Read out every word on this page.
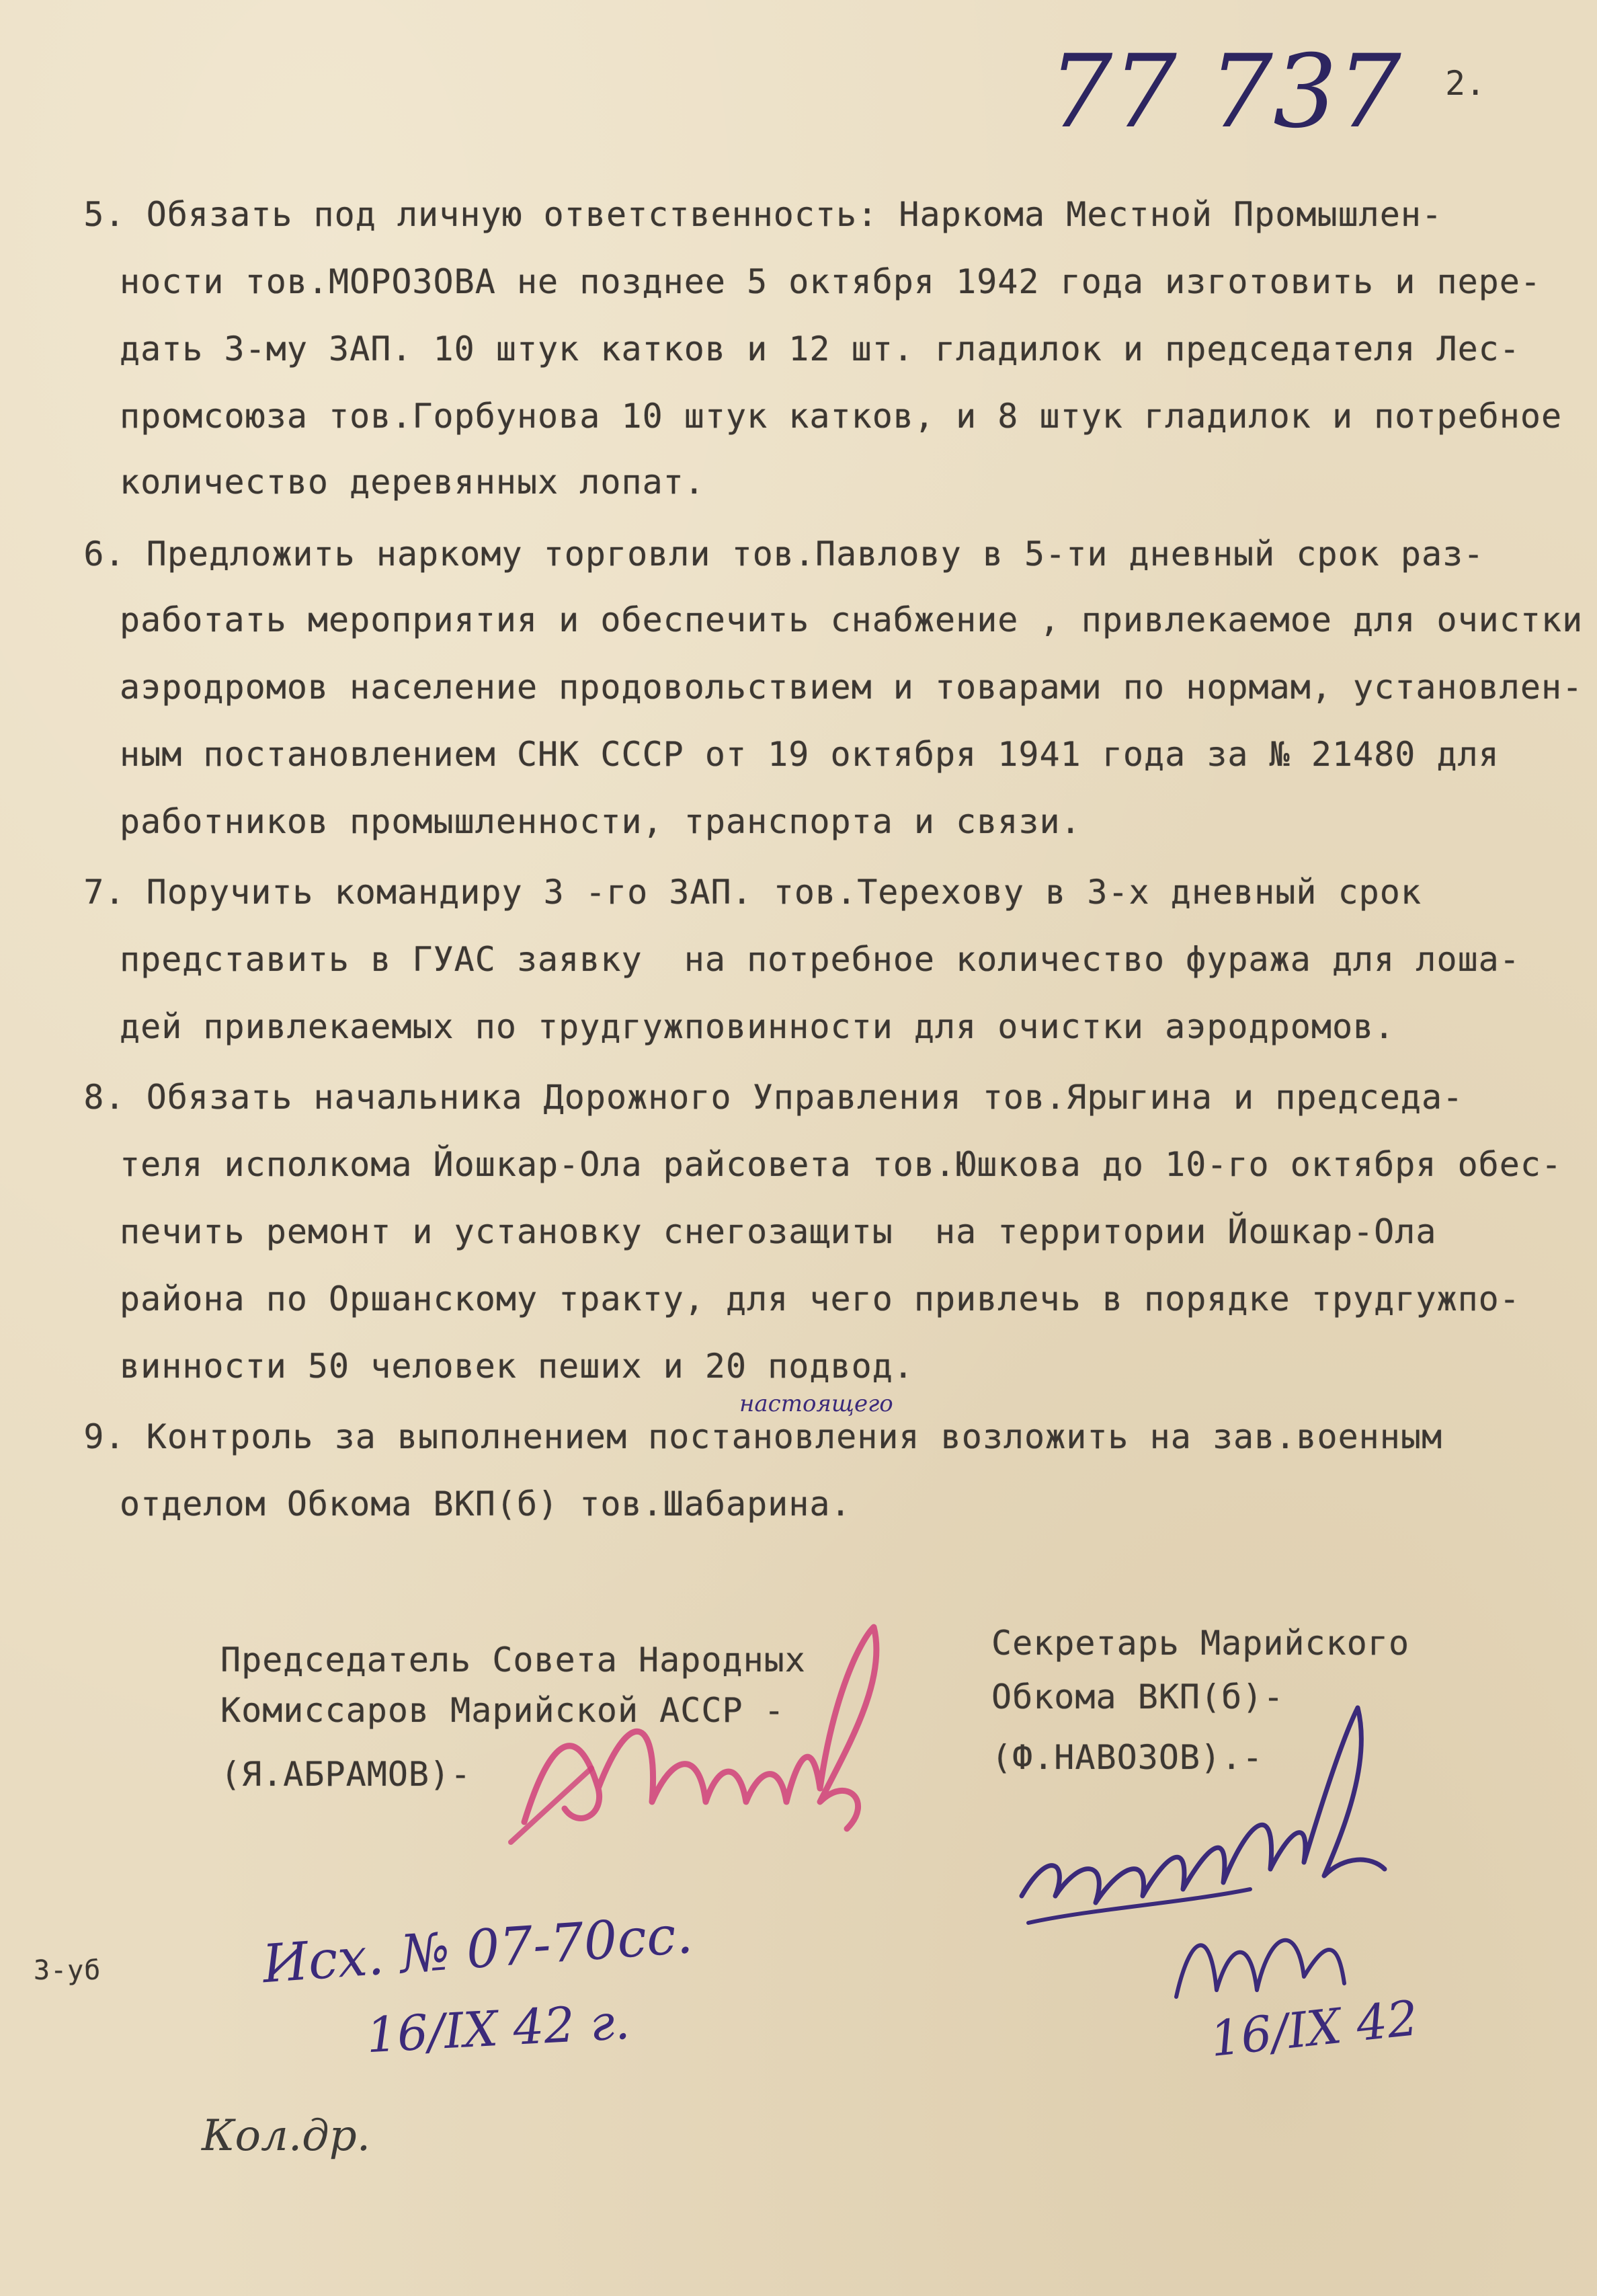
77 737 2.
5. Обязать под личную ответственность: Наркома Местной Промышлен-
ности тов.МОРОЗОВА не позднее 5 октября 1942 года изготовить и пере-
дать 3-му ЗАП. 10 штук катков и 12 шт. гладилок и председателя Лес-
промсоюза тов.Горбунова 10 штук катков, и 8 штук гладилок и потребное
количество деревянных лопат.
6. Предложить наркому торговли тов.Павлову в 5-ти дневный срок раз-
работать мероприятия и обеспечить снабжение , привлекаемое для очистки
аэродромов население продовольствием и товарами по нормам, установлен-
ным постановлением СНК СССР от 19 октября 1941 года за № 21480 для
работников промышленности, транспорта и связи.
7. Поручить командиру 3 -го ЗАП. тов.Терехову в 3-х дневный срок
представить в ГУАС заявку  на потребное количество фуража для лоша-
дей привлекаемых по трудгужповинности для очистки аэродромов.
8. Обязать начальника Дорожного Управления тов.Ярыгина и председа-
теля исполкома Йошкар-Ола райсовета тов.Юшкова до 10-го октября обес-
печить ремонт и установку снегозащиты  на территории Йошкар-Ола
района по Оршанскому тракту, для чего привлечь в порядке трудгужпо-
винности 50 человек пеших и 20 подвод.
настоящего
9. Контроль за выполнением постановления возложить на зав.военным
отделом Обкома ВКП(б) тов.Шабарина.
Председатель Совета Народных
Комиссаров Марийской АССР -
(Я.АБРАМОВ)-
Секретарь Марийского
Обкома ВКП(б)-
(Ф.НАВОЗОВ).-
3-уб	Исх. № 07-70сс.
16/IX 42 г.
Кол.др.
16/IX 42
